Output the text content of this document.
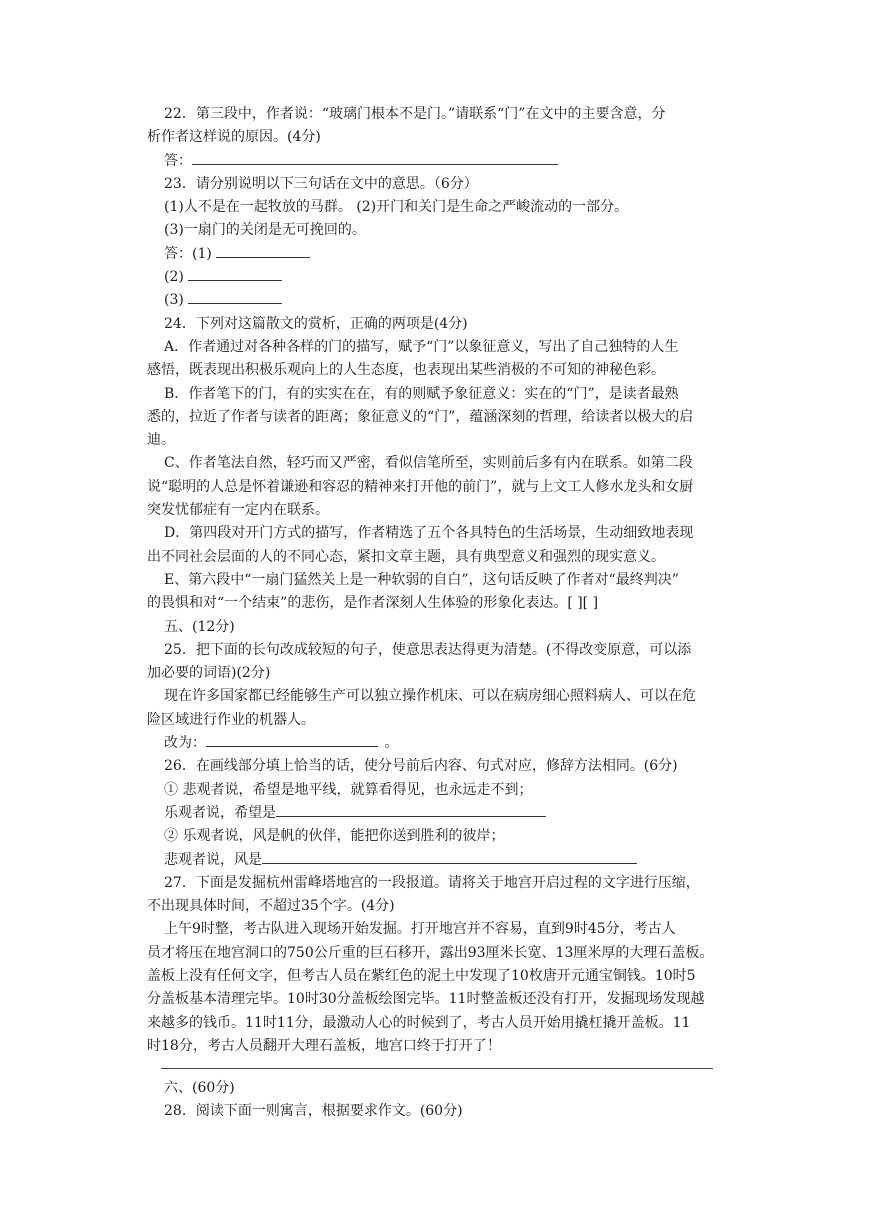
22．第三段中，作者说：“玻璃门根本不是门。”请联系“门”在文中的主要含意，分

析作者这样说的原因。(4分)

答：

23．请分别说明以下三句话在文中的意思。（6分）

(1)人不是在一起牧放的马群。 (2)开门和关门是生命之严峻流动的一部分。

(3)一扇门的关闭是无可挽回的。

答：(1)

(2)

(3)

24．下列对这篇散文的赏析，正确的两项是(4分)

A．作者通过对各种各样的门的描写，赋予“门”以象征意义，写出了自己独特的人生

感悟，既表现出积极乐观向上的人生态度，也表现出某些消极的不可知的神秘色彩。

B．作者笔下的门，有的实实在在，有的则赋予象征意义：实在的“门”，是读者最熟

悉的，拉近了作者与读者的距离；象征意义的“门”，蕴涵深刻的哲理，给读者以极大的启

迪。

C、作者笔法自然，轻巧而又严密，看似信笔所至，实则前后多有内在联系。如第二段

说“聪明的人总是怀着谦逊和容忍的精神来打开他的前门”，就与上文工人修水龙头和女厨

突发忧郁症有一定内在联系。

D．第四段对开门方式的描写，作者精选了五个各具特色的生活场景，生动细致地表现

出不同社会层面的人的不同心态，紧扣文章主题，具有典型意义和强烈的现实意义。

E、第六段中“一扇门猛然关上是一种软弱的自白”，这句话反映了作者对“最终判决”

的畏惧和对“一个结束”的悲伤，是作者深刻人生体验的形象化表达。[ ][ ]

五、(12分)

25．把下面的长句改成较短的句子，使意思表达得更为清楚。(不得改变原意，可以添

加必要的词语)(2分)

现在许多国家都已经能够生产可以独立操作机床、可以在病房细心照料病人、可以在危

险区域进行作业的机器人。

改为：	。

26．在画线部分填上恰当的话，使分号前后内容、句式对应，修辞方法相同。(6分)

① 悲观者说，希望是地平线，就算看得见，也永远走不到；

乐观者说，希望是

② 乐观者说，风是帆的伙伴，能把你送到胜利的彼岸；

悲观者说，风是

27．下面是发掘杭州雷峰塔地宫的一段报道。请将关于地宫开启过程的文字进行压缩，

不出现具体时间，不超过35个字。(4分)

上午9时整，考古队进入现场开始发掘。打开地宫并不容易，直到9时45分，考古人

员才将压在地宫洞口的750公斤重的巨石移开，露出93厘米长宽、13厘米厚的大理石盖板。

盖板上没有任何文字，但考古人员在紫红色的泥土中发现了10枚唐开元通宝铜钱。10时5

分盖板基本清理完毕。10时30分盖板绘图完毕。11时整盖板还没有打开，发掘现场发现越

来越多的钱币。11时11分，最激动人心的时候到了，考古人员开始用撬杠撬开盖板。11

时18分，考古人员翻开大理石盖板，地宫口终于打开了！

六、(60分)

28．阅读下面一则寓言，根据要求作文。(60分)
